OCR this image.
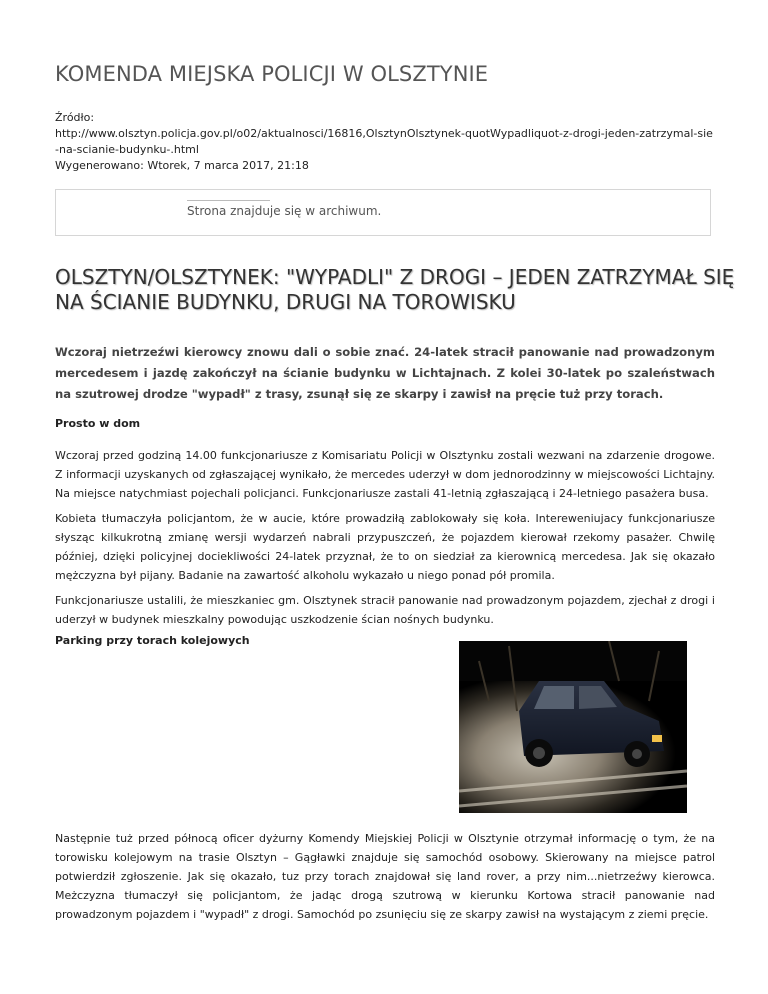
KOMENDA MIEJSKA POLICJI W OLSZTYNIE
Źródło:
http://www.olsztyn.policja.gov.pl/o02/aktualnosci/16816,OlsztynOlsztynek-quotWypadliquot-z-drogi-jeden-zatrzymal-sie-na-scianie-budynku-.html
Wygenerowano: Wtorek, 7 marca 2017, 21:18
Strona znajduje się w archiwum.
OLSZTYN/OLSZTYNEK: "WYPADLI" Z DROGI – JEDEN ZATRZYMAŁ SIĘ NA ŚCIANIE BUDYNKU, DRUGI NA TOROWISKU

Wczoraj nietrzeźwi kierowcy znowu dali o sobie znać. 24-latek stracił panowanie nad prowadzonym mercedesem i jazdę zakończył na ścianie budynku w Lichtajnach. Z kolei 30-latek po szaleństwach na szutrowej drodze "wypadł" z trasy, zsunął się ze skarpy i zawisł na pręcie tuż przy torach.

Prosto w dom

Wczoraj przed godziną 14.00 funkcjonariusze z Komisariatu Policji w Olsztynku zostali wezwani na zdarzenie drogowe. Z informacji uzyskanych od zgłaszającej wynikało, że mercedes uderzył w dom jednorodzinny w miejscowości Lichtajny. Na miejsce natychmiast pojechali policjanci. Funkcjonariusze zastali 41-letnią zgłaszającą i 24-letniego pasażera busa.

Kobieta tłumaczyła policjantom, że w aucie, które prowadziłą zablokowały się koła. Intereweniujacy funkcjonariusze słysząc kilkukrotną zmianę wersji wydarzeń nabrali przypuszczeń, że pojazdem kierował rzekomy pasażer. Chwilę później, dzięki policyjnej dociekliwości 24-latek przyznał, że to on siedział za kierownicą mercedesa. Jak się okazało mężczyzna był pijany. Badanie na zawartość alkoholu wykazało u niego ponad pół promila.

Funkcjonariusze ustalili, że mieszkaniec gm. Olsztynek stracił panowanie nad prowadzonym pojazdem, zjechał z drogi i uderzył w budynek mieszkalny powodując uszkodzenie ścian nośnych budynku.

Parking przy torach kolejowych

Następnie tuż przed północą oficer dyżurny Komendy Miejskiej Policji w Olsztynie otrzymał informację o tym, że na torowisku kolejowym na trasie Olsztyn – Gągławki znajduje się samochód osobowy. Skierowany na miejsce patrol potwierdził zgłoszenie. Jak się okazało, tuz przy torach znajdował się land rover, a przy nim...nietrzeźwy kierowca. Meżczyzna tłumaczył się policjantom, że jadąc drogą szutrową w kierunku Kortowa stracił panowanie nad prowadzonym pojazdem i "wypadł" z drogi. Samochód po zsunięciu się ze skarpy zawisł na wystającym z ziemi pręcie.
